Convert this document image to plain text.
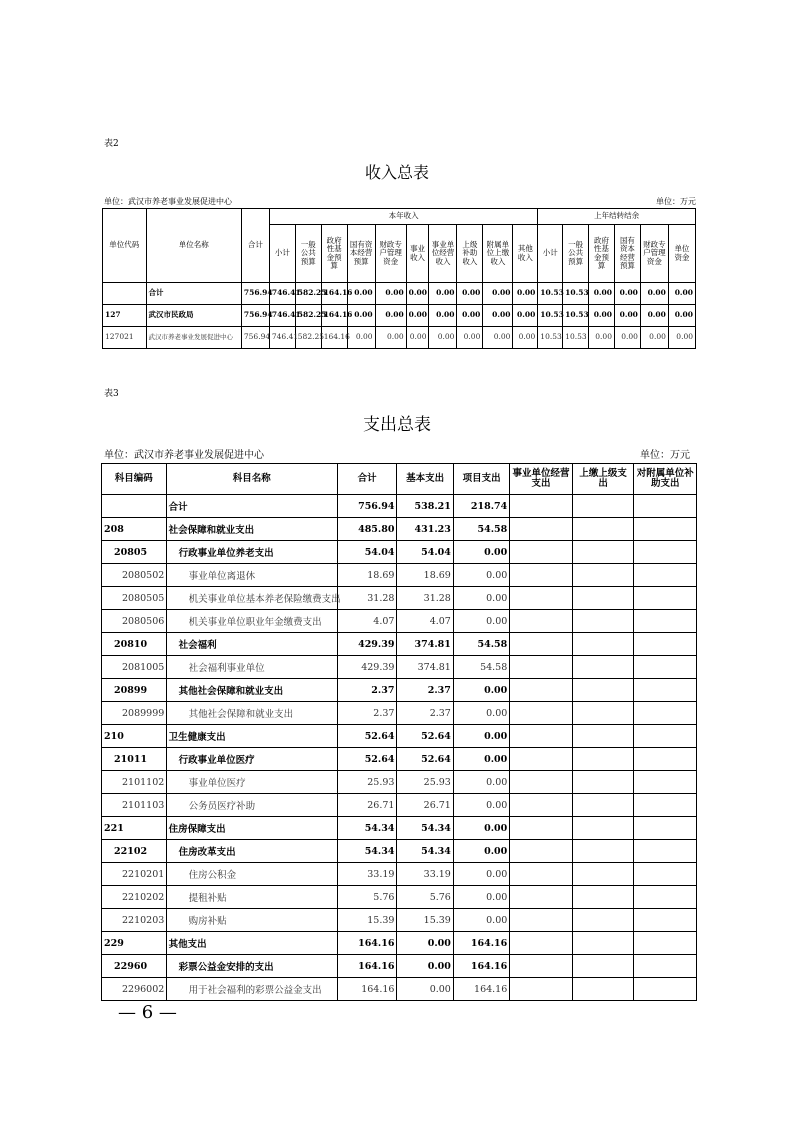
表2
收入总表
单位：武汉市养老事业发展促进中心	单位：万元
单位代码	单位名称	合计	本年收入										上年结转结余					
			小计	一般公共预算	政府性基金预算	国有资本经营预算	财政专户管理资金	事业收入	事业单位经营收入	上级补助收入	附属单位上缴收入	其他收入	小计	一般公共预算	政府性基金预算	国有资本经营预算	财政专户管理资金	单位资金
	合计	756.94	746.41	582.25	164.16	0.00	0.00	0.00	0.00	0.00	0.00	0.00	10.53	10.53	0.00	0.00	0.00	0.00
127	武汉市民政局	756.94	746.41	582.25	164.16	0.00	0.00	0.00	0.00	0.00	0.00	0.00	10.53	10.53	0.00	0.00	0.00	0.00
127021	武汉市养老事业发展促进中心	756.94	746.41	582.25	164.16	0.00	0.00	0.00	0.00	0.00	0.00	0.00	10.53	10.53	0.00	0.00	0.00	0.00
表3
支出总表
单位：武汉市养老事业发展促进中心	单位：万元
科目编码	科目名称	合计	基本支出	项目支出	事业单位经营支出	上缴上级支出	对附属单位补助支出
	合计	756.94	538.21	218.74			
208	社会保障和就业支出	485.80	431.23	54.58			
20805	行政事业单位养老支出	54.04	54.04	0.00			
2080502	事业单位离退休	18.69	18.69	0.00			
2080505	机关事业单位基本养老保险缴费支出	31.28	31.28	0.00			
2080506	机关事业单位职业年金缴费支出	4.07	4.07	0.00			
20810	社会福利	429.39	374.81	54.58			
2081005	社会福利事业单位	429.39	374.81	54.58			
20899	其他社会保障和就业支出	2.37	2.37	0.00			
2089999	其他社会保障和就业支出	2.37	2.37	0.00			
210	卫生健康支出	52.64	52.64	0.00			
21011	行政事业单位医疗	52.64	52.64	0.00			
2101102	事业单位医疗	25.93	25.93	0.00			
2101103	公务员医疗补助	26.71	26.71	0.00			
221	住房保障支出	54.34	54.34	0.00			
22102	住房改革支出	54.34	54.34	0.00			
2210201	住房公积金	33.19	33.19	0.00			
2210202	提租补贴	5.76	5.76	0.00			
2210203	购房补贴	15.39	15.39	0.00			
229	其他支出	164.16	0.00	164.16			
22960	彩票公益金安排的支出	164.16	0.00	164.16			
2296002	用于社会福利的彩票公益金支出	164.16	0.00	164.16			
— 6 —
